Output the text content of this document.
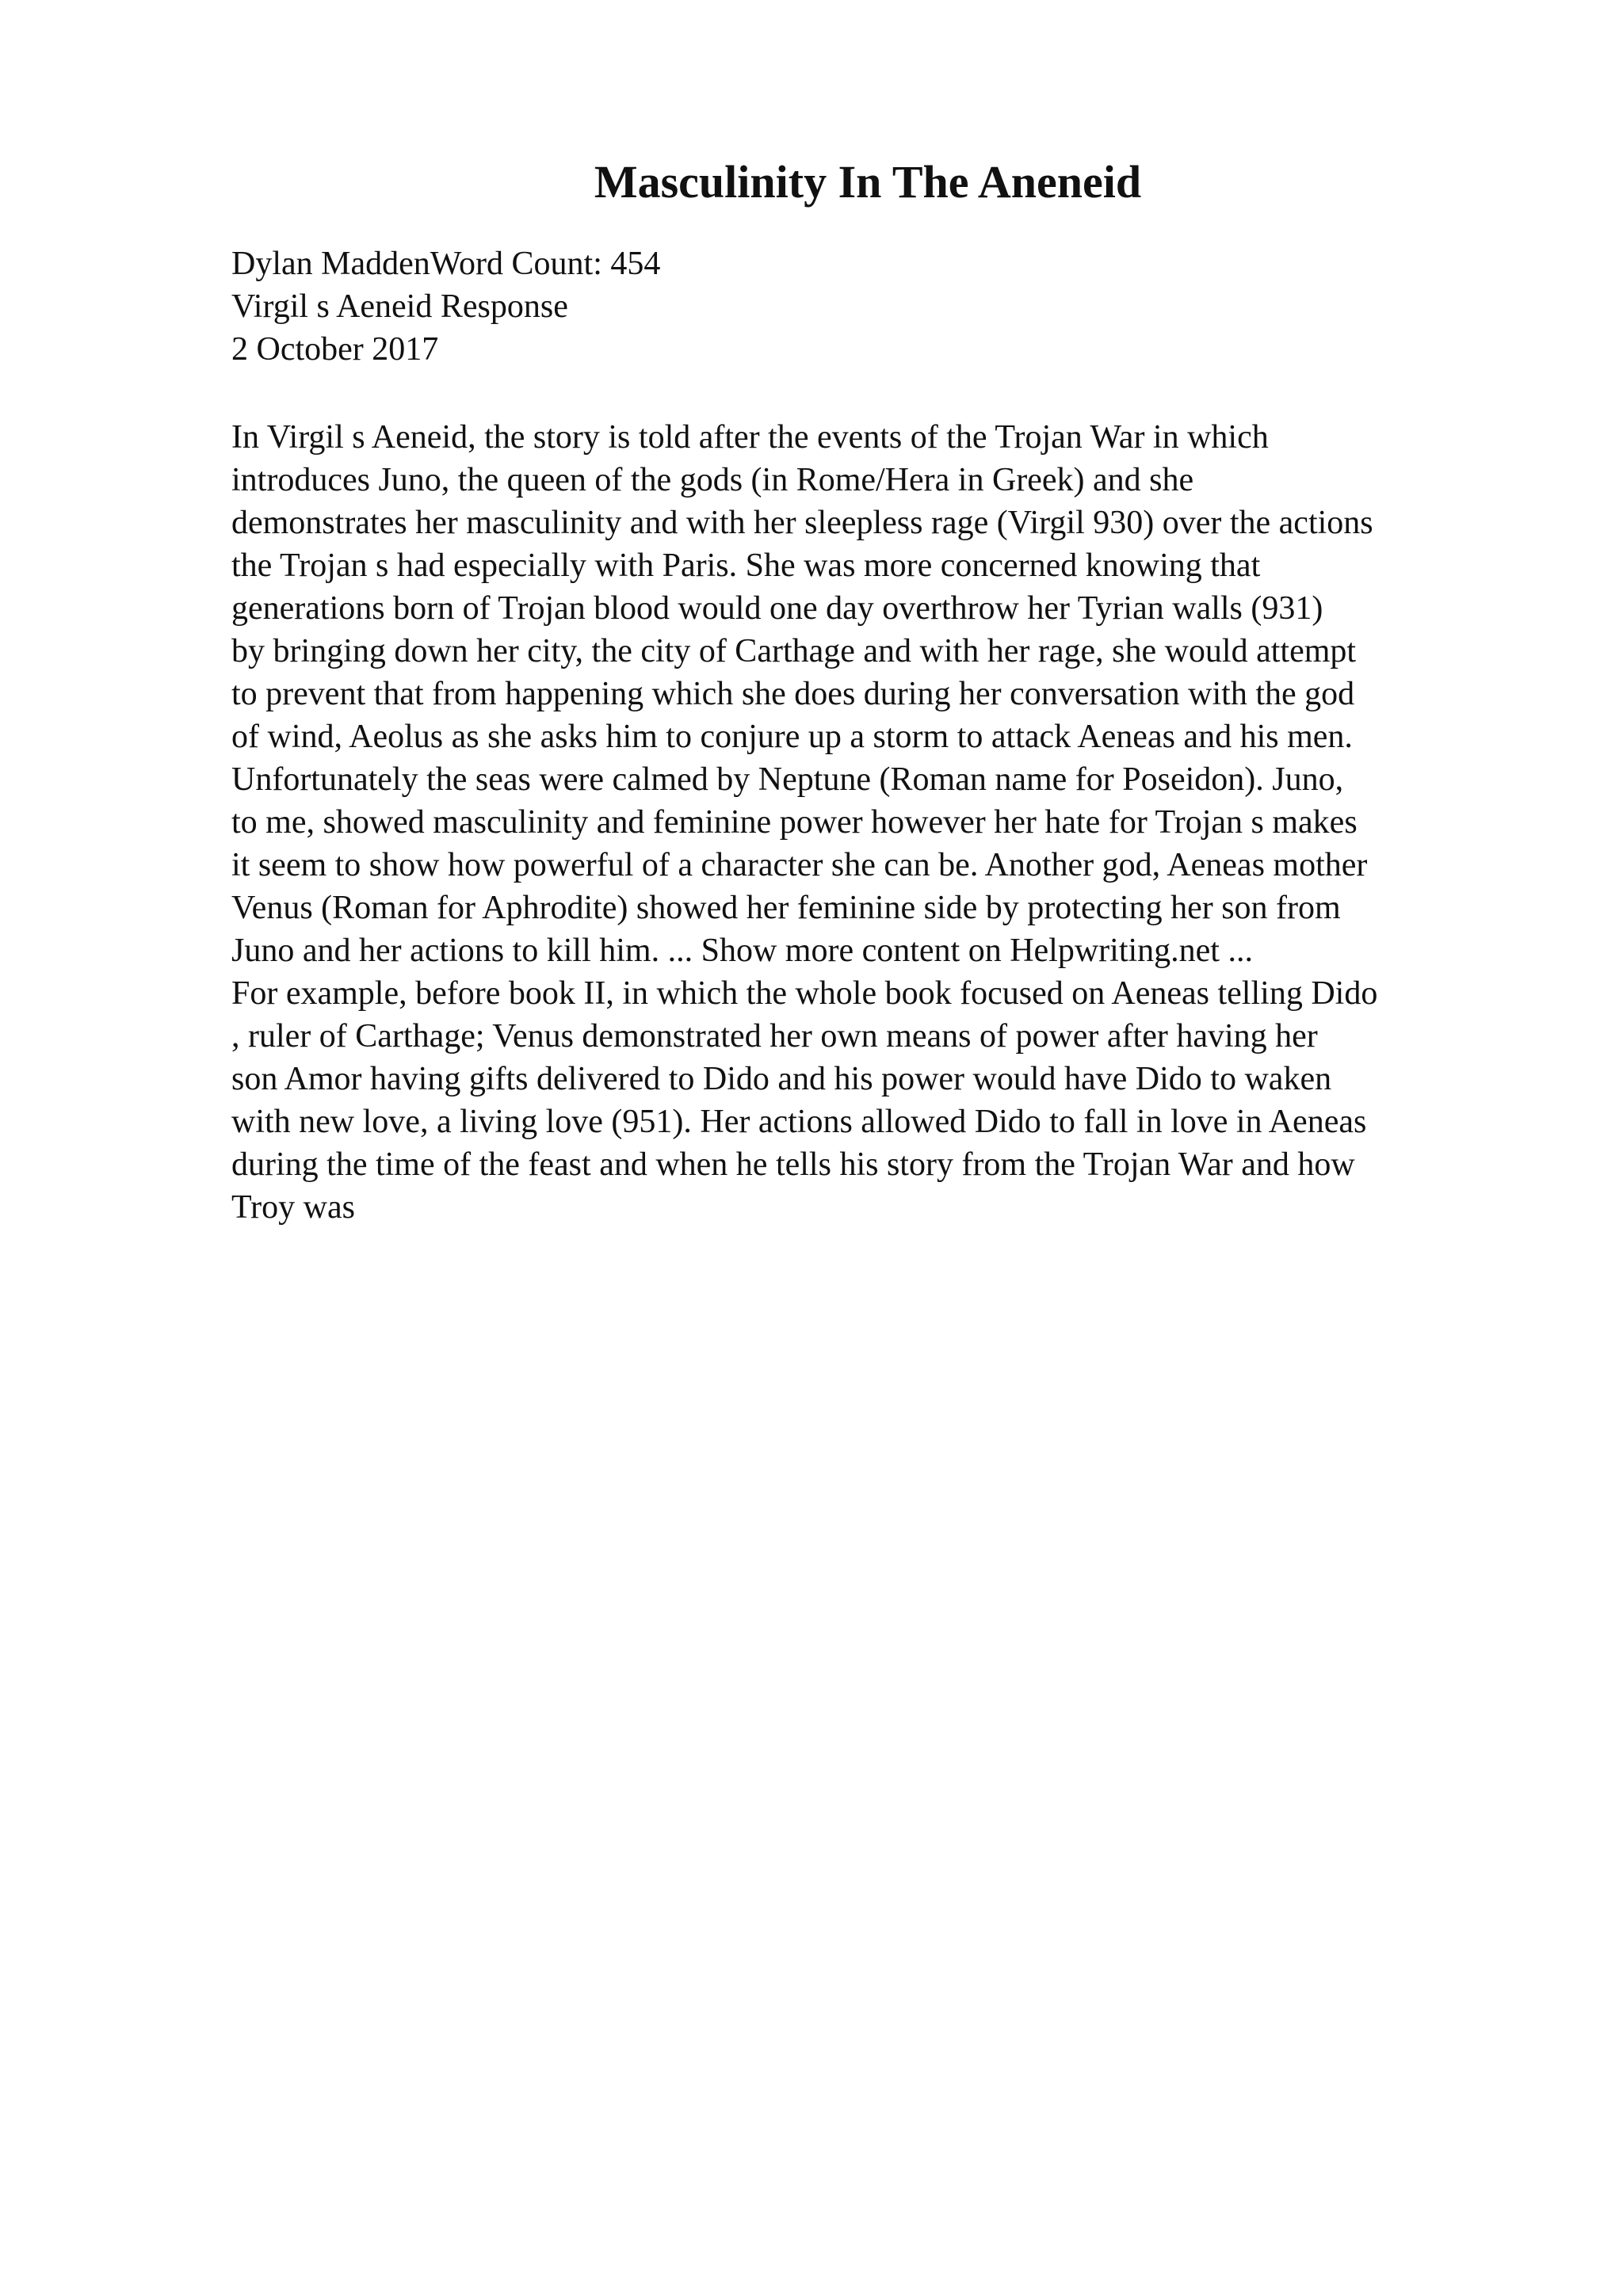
Masculinity In The Aneneid
Dylan MaddenWord Count: 454
Virgil s Aeneid Response
2 October 2017
In Virgil s Aeneid, the story is told after the events of the Trojan War in which
introduces Juno, the queen of the gods (in Rome/Hera in Greek) and she
demonstrates her masculinity and with her sleepless rage (Virgil 930) over the actions
the Trojan s had especially with Paris. She was more concerned knowing that
generations born of Trojan blood would one day overthrow her Tyrian walls (931)
by bringing down her city, the city of Carthage and with her rage, she would attempt
to prevent that from happening which she does during her conversation with the god
of wind, Aeolus as she asks him to conjure up a storm to attack Aeneas and his men.
Unfortunately the seas were calmed by Neptune (Roman name for Poseidon). Juno,
to me, showed masculinity and feminine power however her hate for Trojan s makes
it seem to show how powerful of a character she can be. Another god, Aeneas mother
Venus (Roman for Aphrodite) showed her feminine side by protecting her son from
Juno and her actions to kill him. ... Show more content on Helpwriting.net ...
For example, before book II, in which the whole book focused on Aeneas telling Dido
, ruler of Carthage; Venus demonstrated her own means of power after having her
son Amor having gifts delivered to Dido and his power would have Dido to waken
with new love, a living love (951). Her actions allowed Dido to fall in love in Aeneas
during the time of the feast and when he tells his story from the Trojan War and how
Troy was
